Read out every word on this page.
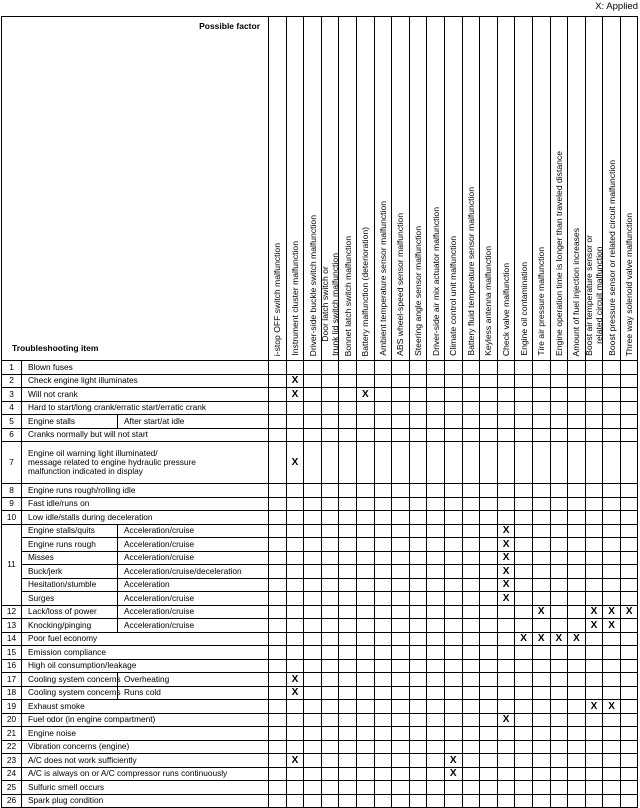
X: Applied
Possible factor
Troubleshooting item			i-stop OFF switch malfunction	Instrument cluster malfunction	Driver-side buckle switch malfunction	Door latch switch or
trunk lid switch malfunction	Bonnet latch switch malfunction	Battery malfunction (deterioration)	Ambient temperature sensor malfunction	ABS wheel-speed sensor malfunction	Steering angle sensor malfunction	Driver-side air mix actuator malfunction	Climate control unit malfunction	Battery fluid temperature sensor malfunction	Keyless antenna malfunction	Check valve malfunction	Engine oil contamination	Tire air pressure malfunction	Engine operation time is longer than traveled distance	Amount of fuel injection increases	Boost air temperature sensor or
related circuit malfunction	Boost pressure sensor or related circuit malfunction	Three way solenoid valve malfunction

1	Blown fuses																						
2	Check engine light illuminates			X																			
3	Will not crank			X				X															
4	Hard to start/long crank/erratic start/erratic crank																						
5	Engine stalls	After start/at idle																					
6	Cranks normally but will not start																						
7	Engine oil warning light illuminated/
message related to engine hydraulic pressure
malfunction indicated in display			X																			
8	Engine runs rough/rolling idle																						
9	Fast idle/runs on																						
10	Low idle/stalls during deceleration																						
11	Engine stalls/quits	Acceleration/cruise														X							
	Engine runs rough	Acceleration/cruise														X							
	Misses	Acceleration/cruise														X							
	Buck/jerk	Acceleration/cruise/deceleration														X							
	Hesitation/stumble	Acceleration														X							
	Surges	Acceleration/cruise														X							
12	Lack/loss of power	Acceleration/cruise																X			X	X	X
13	Knocking/pinging	Acceleration/cruise																			X	X	
14	Poor fuel economy																X	X	X	X			
15	Emission compliance																						
16	High oil consumption/leakage																						
17	Cooling system concerns	Overheating		X																			
18	Cooling system concerns	Runs cold		X																			
19	Exhaust smoke																				X	X	
20	Fuel odor (in engine compartment)															X							
21	Engine noise																						
22	Vibration concerns (engine)																						
23	A/C does not work sufficiently			X									X										
24	A/C is always on or A/C compressor runs continuously												X										
25	Sulfuric smell occurs																						
26	Spark plug condition																						
